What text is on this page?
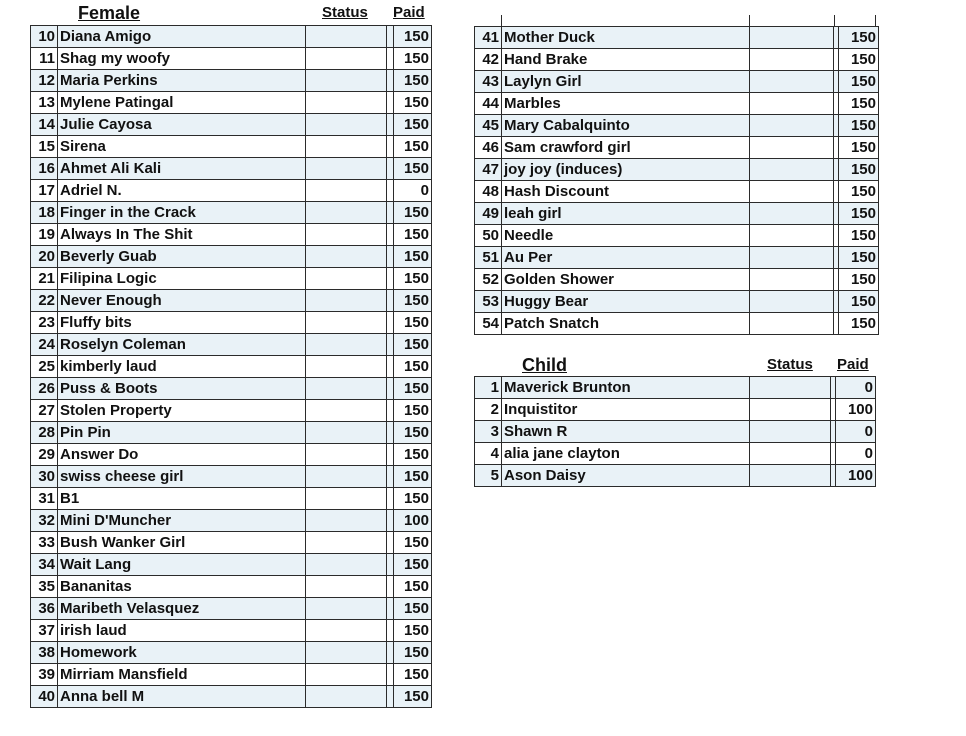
Female	Status Paid
10	Diana Amigo			150
11	Shag my woofy			150
12	Maria Perkins			150
13	Mylene Patingal			150
14	Julie Cayosa			150
15	Sirena			150
16	Ahmet Ali Kali			150
17	Adriel N.			0
18	Finger in the Crack			150
19	Always In The Shit			150
20	Beverly Guab			150
21	Filipina Logic			150
22	Never Enough			150
23	Fluffy bits			150
24	Roselyn Coleman			150
25	kimberly laud			150
26	Puss & Boots			150
27	Stolen Property			150
28	Pin Pin			150
29	Answer Do			150
30	swiss cheese girl			150
31	B1			150
32	Mini D'Muncher			100
33	Bush Wanker Girl			150
34	Wait Lang			150
35	Bananitas			150
36	Maribeth Velasquez			150
37	irish laud			150
38	Homework			150
39	Mirriam Mansfield			150
40	Anna bell M			150
41	Mother Duck			150
42	Hand Brake			150
43	Laylyn Girl			150
44	Marbles			150
45	Mary Cabalquinto			150
46	Sam crawford girl			150
47	joy joy (induces)			150
48	Hash Discount			150
49	leah girl			150
50	Needle			150
51	Au Per			150
52	Golden Shower			150
53	Huggy Bear			150
54	Patch Snatch			150
Child	Status Paid
1	Maverick Brunton			0
2	Inquistitor			100
3	Shawn R			0
4	alia jane clayton			0
5	Ason Daisy			100
